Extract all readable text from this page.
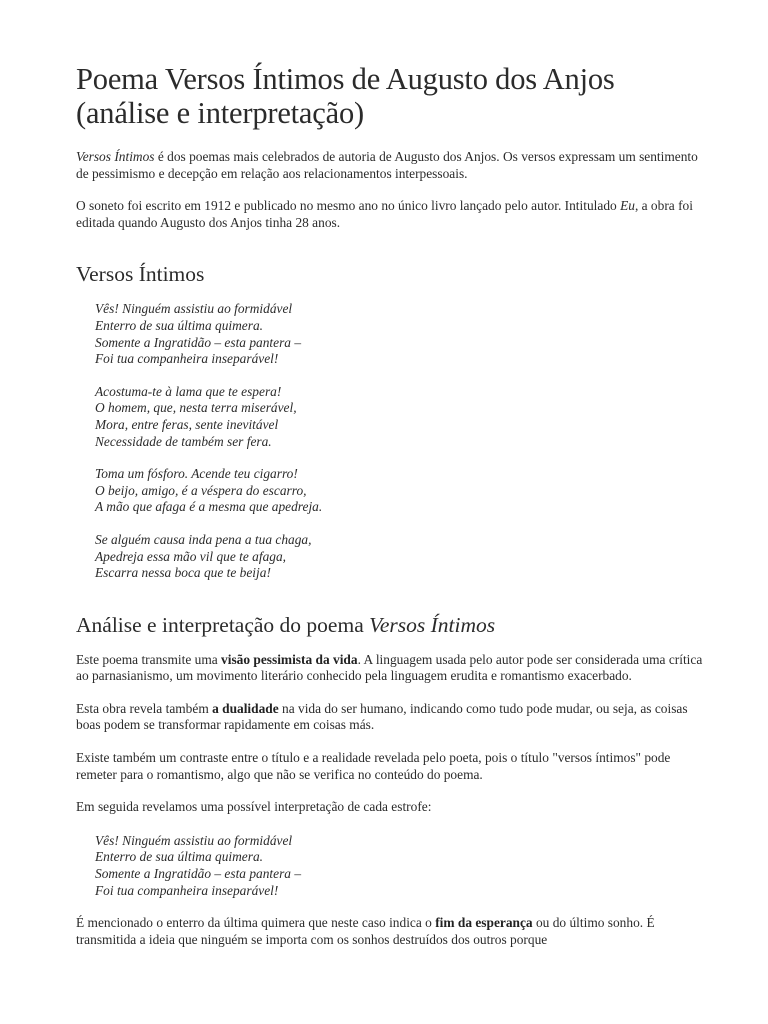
Poema Versos Íntimos de Augusto dos Anjos (análise e interpretação)

Versos Íntimos é dos poemas mais celebrados de autoria de Augusto dos Anjos. Os versos expressam um sentimento de pessimismo e decepção em relação aos relacionamentos interpessoais.

O soneto foi escrito em 1912 e publicado no mesmo ano no único livro lançado pelo autor. Intitulado Eu, a obra foi editada quando Augusto dos Anjos tinha 28 anos.

Versos Íntimos
Vês! Ninguém assistiu ao formidável
Enterro de sua última quimera.
Somente a Ingratidão – esta pantera –
Foi tua companheira inseparável!
Acostuma-te à lama que te espera!
O homem, que, nesta terra miserável,
Mora, entre feras, sente inevitável
Necessidade de também ser fera.
Toma um fósforo. Acende teu cigarro!
O beijo, amigo, é a véspera do escarro,
A mão que afaga é a mesma que apedreja.
Se alguém causa inda pena a tua chaga,
Apedreja essa mão vil que te afaga,
Escarra nessa boca que te beija!
Análise e interpretação do poema Versos Íntimos

Este poema transmite uma visão pessimista da vida. A linguagem usada pelo autor pode ser considerada uma crítica ao parnasianismo, um movimento literário conhecido pela linguagem erudita e romantismo exacerbado.

Esta obra revela também a dualidade na vida do ser humano, indicando como tudo pode mudar, ou seja, as coisas boas podem se transformar rapidamente em coisas más.

Existe também um contraste entre o título e a realidade revelada pelo poeta, pois o título "versos íntimos" pode remeter para o romantismo, algo que não se verifica no conteúdo do poema.

Em seguida revelamos uma possível interpretação de cada estrofe:

Vês! Ninguém assistiu ao formidável
Enterro de sua última quimera.
Somente a Ingratidão – esta pantera –
Foi tua companheira inseparável!

É mencionado o enterro da última quimera que neste caso indica o fim da esperança ou do último sonho. É transmitida a ideia que ninguém se importa com os sonhos destruídos dos outros porque
